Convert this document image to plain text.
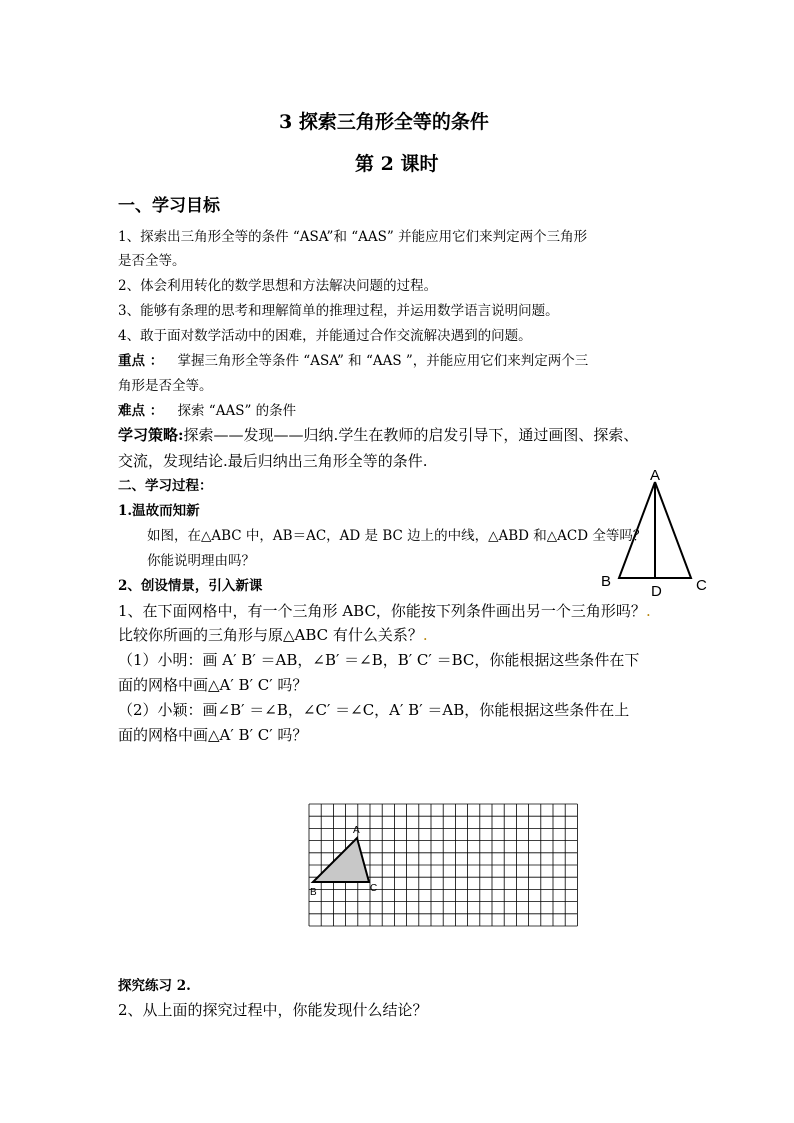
3 探索三角形全等的条件
第 2 课时
一、学习目标
1、探索出三角形全等的条件 “ASA”和 “AAS” 并能应用它们来判定两个三角形
是否全等。
2、体会利用转化的数学思想和方法解决问题的过程。
3、能够有条理的思考和理解简单的推理过程，并运用数学语言说明问题。
4、敢于面对数学活动中的困难，并能通过合作交流解决遇到的问题。
重点 ： 掌握三角形全等条件 “ASA” 和 “AAS ”，并能应用它们来判定两个三
角形是否全等。
难点 ： 探索 “AAS” 的条件
学习策略:探索——发现——归纳.学生在教师的启发引导下，通过画图、探索、
交流，发现结论.最后归纳出三角形全等的条件.
二、学习过程：
1.温故而知新
如图，在△ABC 中，AB＝AC，AD 是 BC 边上的中线，△ABD 和△ACD 全等吗？
你能说明理由吗？
2、创设情景，引入新课
1、在下面网格中，有一个三角形 ABC，你能按下列条件画出另一个三角形吗？.
比较你所画的三角形与原△ABC 有什么关系？.
（1）小明：画 A′ B′ ＝AB，∠B′ ＝∠B，B′ C′ ＝BC，你能根据这些条件在下
面的网格中画△A′ B′ C′ 吗？
（2）小颖：画∠B′ ＝∠B，∠C′ ＝∠C，A′ B′ ＝AB，你能根据这些条件在上
面的网格中画△A′ B′ C′ 吗？
A
B	C
D
A
B	C
探究练习 2.
2、从上面的探究过程中，你能发现什么结论？
